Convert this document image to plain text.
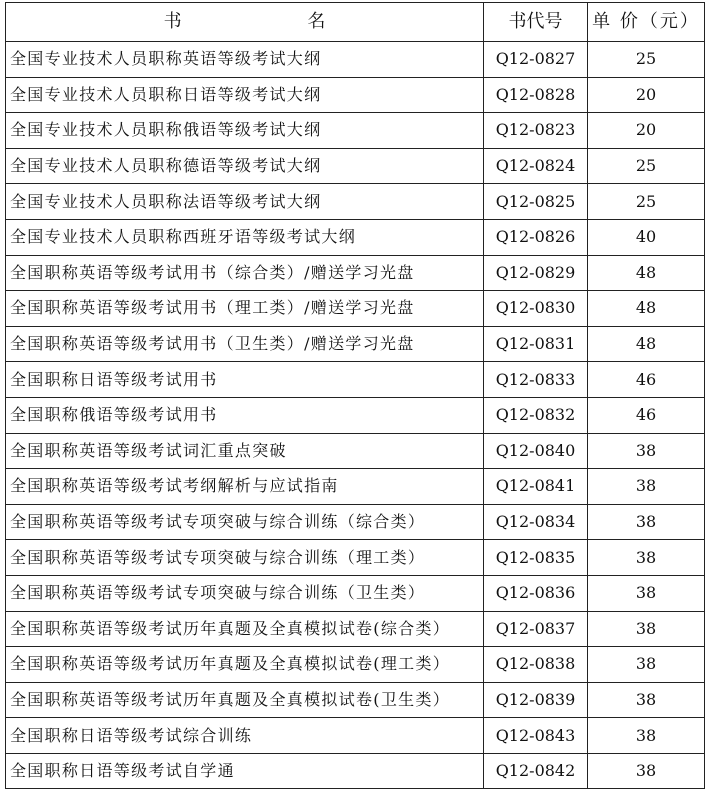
书 名	书代号	单 价（元）
全国专业技术人员职称英语等级考试大纲	Q12-0827	25
全国专业技术人员职称日语等级考试大纲	Q12-0828	20
全国专业技术人员职称俄语等级考试大纲	Q12-0823	20
全国专业技术人员职称德语等级考试大纲	Q12-0824	25
全国专业技术人员职称法语等级考试大纲	Q12-0825	25
全国专业技术人员职称西班牙语等级考试大纲	Q12-0826	40
全国职称英语等级考试用书（综合类）/赠送学习光盘	Q12-0829	48
全国职称英语等级考试用书（理工类）/赠送学习光盘	Q12-0830	48
全国职称英语等级考试用书（卫生类）/赠送学习光盘	Q12-0831	48
全国职称日语等级考试用书	Q12-0833	46
全国职称俄语等级考试用书	Q12-0832	46
全国职称英语等级考试词汇重点突破	Q12-0840	38
全国职称英语等级考试考纲解析与应试指南	Q12-0841	38
全国职称英语等级考试专项突破与综合训练（综合类）	Q12-0834	38
全国职称英语等级考试专项突破与综合训练（理工类）	Q12-0835	38
全国职称英语等级考试专项突破与综合训练（卫生类）	Q12-0836	38
全国职称英语等级考试历年真题及全真模拟试卷(综合类）	Q12-0837	38
全国职称英语等级考试历年真题及全真模拟试卷(理工类）	Q12-0838	38
全国职称英语等级考试历年真题及全真模拟试卷(卫生类）	Q12-0839	38
全国职称日语等级考试综合训练	Q12-0843	38
全国职称日语等级考试自学通	Q12-0842	38
